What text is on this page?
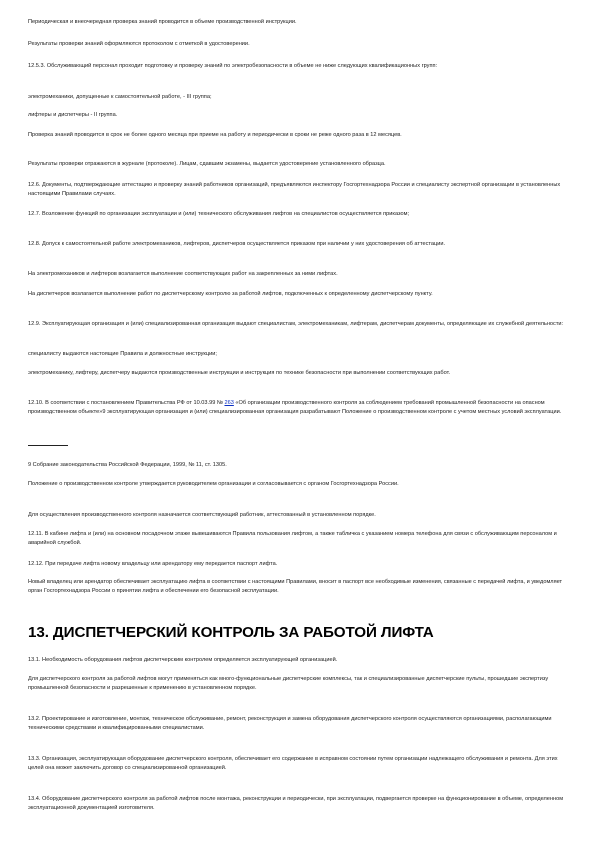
Периодическая и внеочередная проверка знаний проводится в объеме производственной инструкции.

Результаты проверки знаний оформляются протоколом с отметкой в удостоверении.

12.5.3. Обслуживающий персонал проходит подготовку и проверку знаний по электробезопасности в объеме не ниже следующих квалификационных групп:

электромеханики, допущенные к самостоятельной работе, - III группа;

лифтеры и диспетчеры - II группа.

Проверка знаний проводится в срок не более одного месяца при приеме на работу и периодически в сроки не реже одного раза в 12 месяцев.

Результаты проверки отражаются в журнале (протоколе). Лицам, сдавшим экзамены, выдается удостоверение установленного образца.

12.6. Документы, подтверждающие аттестацию и проверку знаний работников организаций, предъявляются инспектору Госгортехнадзора России и специалисту экспертной организации в установленных настоящими Правилами случаях.

12.7. Возложение функций по организации эксплуатации и (или) технического обслуживания лифтов на специалистов осуществляется приказом;

12.8. Допуск к самостоятельной работе электромехаников, лифтеров, диспетчеров осуществляется приказом при наличии у них удостоверения об аттестации.

На электромехаников и лифтеров возлагается выполнение соответствующих работ на закрепленных за ними лифтах.

На диспетчеров возлагается выполнение работ по диспетчерскому контролю за работой лифтов, подключенных к определенному диспетчерскому пункту.

12.9. Эксплуатирующая организация и (или) специализированная организация выдают специалистам, электромеханикам, лифтерам, диспетчерам документы, определяющие их служебной деятельности:

специалисту выдаются настоящие Правила и должностные инструкции;

электромеханику, лифтеру, диспетчеру выдаются производственные инструкции и инструкция по технике безопасности при выполнении соответствующих работ.

12.10. В соответствии с постановлением Правительства РФ от 10.03.99 № 263 «Об организации производственного контроля за соблюдением требований промышленной безопасности на опасном производственном объекте»9 эксплуатирующая организация и (или) специализированная организация разрабатывают Положение о производственном контроле с учетом местных условий эксплуатации.

9 Собрание законодательства Российской Федерации, 1999, № 11, ст. 1305.

Положение о производственном контроле утверждается руководителем организации и согласовывается с органом Госгортехнадзора России.

Для осуществления производственного контроля назначается соответствующий работник, аттестованный в установленном порядке.

12.11. В кабине лифта и (или) на основном посадочном этаже вывешиваются Правила пользования лифтом, а также табличка с указанием номера телефона для связи с обслуживающим персоналом и аварийной службой.

12.12. При передаче лифта новому владельцу или арендатору ему передается паспорт лифта.

Новый владелец или арендатор обеспечивает эксплуатацию лифта в соответствии с настоящими Правилами, вносит в паспорт все необходимые изменения, связанные с передачей лифта, и уведомляет орган Госгортехнадзора России о принятии лифта и обеспечении его безопасной эксплуатации.

13. ДИСПЕТЧЕРСКИЙ КОНТРОЛЬ ЗА РАБОТОЙ ЛИФТА

13.1. Необходимость оборудования лифтов диспетчерским контролем определяется эксплуатирующей организацией.

Для диспетчерского контроля за работой лифтов могут применяться как много-функциональные диспетчерские комплексы, так и специализированные диспетчерские пульты, прошедшие экспертизу промышленной безопасности и разрешенные к применению в установленном порядке.

13.2. Проектирование и изготовление, монтаж, техническое обслуживание, ремонт, реконструкция и замена оборудования диспетчерского контроля осуществляются организациями, располагающими техническими средствами и квалифицированными специалистами.

13.3. Организация, эксплуатирующая оборудование диспетчерского контроля, обеспечивает его содержание в исправном состоянии путем организации надлежащего обслуживания и ремонта. Для этих целей она может заключить договор со специализированной организацией.

13.4. Оборудование диспетчерского контроля за работой лифтов после монтажа, реконструкции и периодически, при эксплуатации, подвергается проверке на функционирование в объеме, определенном эксплуатационной документацией изготовителя.
